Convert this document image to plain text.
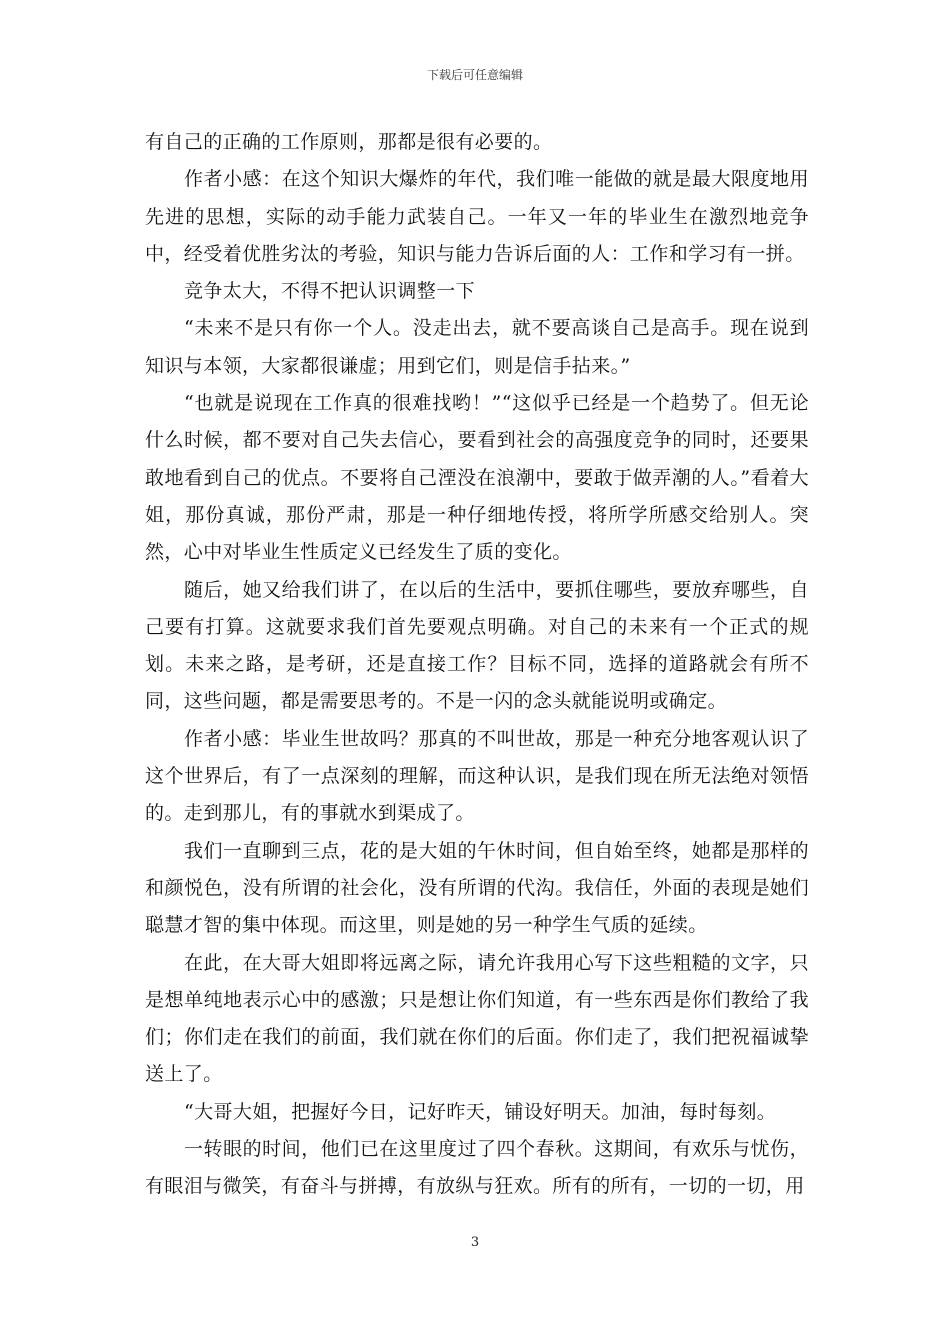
下载后可任意编辑

有自己的正确的工作原则，那都是很有必要的。

作者小感：在这个知识大爆炸的年代，我们唯一能做的就是最大限度地用先进的思想，实际的动手能力武装自己。一年又一年的毕业生在激烈地竞争中，经受着优胜劣汰的考验，知识与能力告诉后面的人：工作和学习有一拼。

竞争太大，不得不把认识调整一下

“未来不是只有你一个人。没走出去，就不要高谈自己是高手。现在说到知识与本领，大家都很谦虚；用到它们，则是信手拈来。”

“也就是说现在工作真的很难找哟！”“这似乎已经是一个趋势了。但无论什么时候，都不要对自己失去信心，要看到社会的高强度竞争的同时，还要果敢地看到自己的优点。不要将自己湮没在浪潮中，要敢于做弄潮的人。”看着大姐，那份真诚，那份严肃，那是一种仔细地传授，将所学所感交给别人。突然，心中对毕业生性质定义已经发生了质的变化。

随后，她又给我们讲了，在以后的生活中，要抓住哪些，要放弃哪些，自己要有打算。这就要求我们首先要观点明确。对自己的未来有一个正式的规划。未来之路，是考研，还是直接工作？目标不同，选择的道路就会有所不同，这些问题，都是需要思考的。不是一闪的念头就能说明或确定。

作者小感：毕业生世故吗？那真的不叫世故，那是一种充分地客观认识了这个世界后，有了一点深刻的理解，而这种认识，是我们现在所无法绝对领悟的。走到那儿，有的事就水到渠成了。

我们一直聊到三点，花的是大姐的午休时间，但自始至终，她都是那样的和颜悦色，没有所谓的社会化，没有所谓的代沟。我信任，外面的表现是她们聪慧才智的集中体现。而这里，则是她的另一种学生气质的延续。

在此，在大哥大姐即将远离之际，请允许我用心写下这些粗糙的文字，只是想单纯地表示心中的感激；只是想让你们知道，有一些东西是你们教给了我们；你们走在我们的前面，我们就在你们的后面。你们走了，我们把祝福诚挚送上了。

“大哥大姐，把握好今日，记好昨天，铺设好明天。加油，每时每刻。

一转眼的时间，他们已在这里度过了四个春秋。这期间，有欢乐与忧伤，有眼泪与微笑，有奋斗与拼搏，有放纵与狂欢。所有的所有，一切的一切，用

3
